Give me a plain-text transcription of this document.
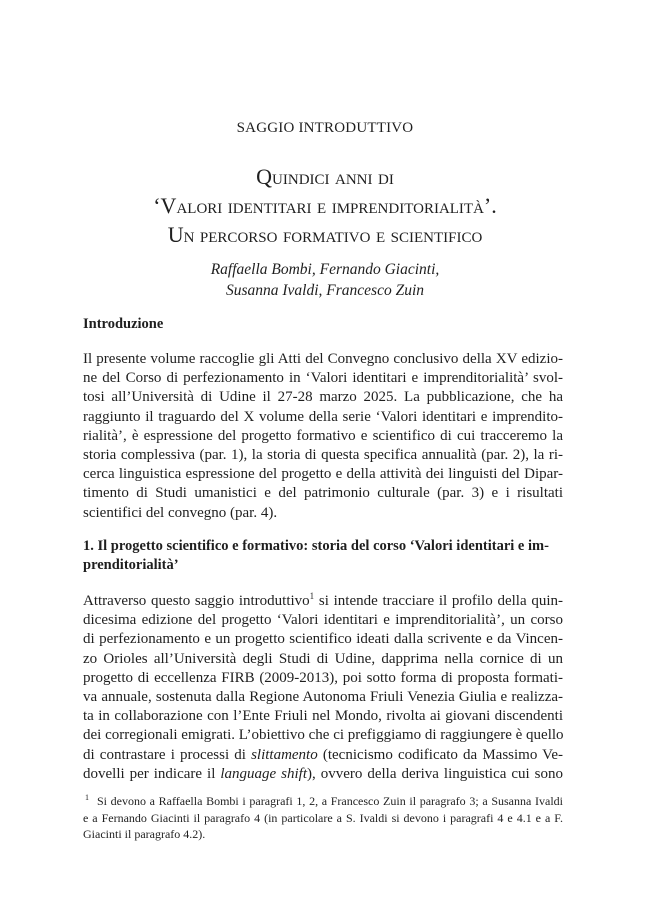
SAGGIO INTRODUTTIVO
Quindici anni di
‘Valori identitari e imprenditorialità’.
Un percorso formativo e scientifico
Raffaella Bombi, Fernando Giacinti,
Susanna Ivaldi, Francesco Zuin
Introduzione
Il presente volume raccoglie gli Atti del Convegno conclusivo della XV edizio-
ne del Corso di perfezionamento in ‘Valori identitari e imprenditorialità’ svol-
tosi all’Università di Udine il 27-28 marzo 2025. La pubblicazione, che ha
raggiunto il traguardo del X volume della serie ‘Valori identitari e imprendito-
rialità’, è espressione del progetto formativo e scientifico di cui tracceremo la
storia complessiva (par. 1), la storia di questa specifica annualità (par. 2), la ri-
cerca linguistica espressione del progetto e della attività dei linguisti del Dipar-
timento di Studi umanistici e del patrimonio culturale (par. 3) e i risultati
scientifici del convegno (par. 4).
1. Il progetto scientifico e formativo: storia del corso ‘Valori identitari e im-
prenditorialità’
Attraverso questo saggio introduttivo$^1$ si intende tracciare il profilo della quin-
dicesima edizione del progetto ‘Valori identitari e imprenditorialità’, un corso
di perfezionamento e un progetto scientifico ideati dalla scrivente e da Vincen-
zo Orioles all’Università degli Studi di Udine, dapprima nella cornice di un
progetto di eccellenza FIRB (2009-2013), poi sotto forma di proposta formati-
va annuale, sostenuta dalla Regione Autonoma Friuli Venezia Giulia e realizza-
ta in collaborazione con l’Ente Friuli nel Mondo, rivolta ai giovani discendenti
dei corregionali emigrati. L’obiettivo che ci prefiggiamo di raggiungere è quello
di contrastare i processi di slittamento (tecnicismo codificato da Massimo Ve-
dovelli per indicare il language shift), ovvero della deriva linguistica cui sono
$^1$ Si devono a Raffaella Bombi i paragrafi 1, 2, a Francesco Zuin il paragrafo 3; a Susanna Ivaldi
e a Fernando Giacinti il paragrafo 4 (in particolare a S. Ivaldi si devono i paragrafi 4 e 4.1 e a F.
Giacinti il paragrafo 4.2).
